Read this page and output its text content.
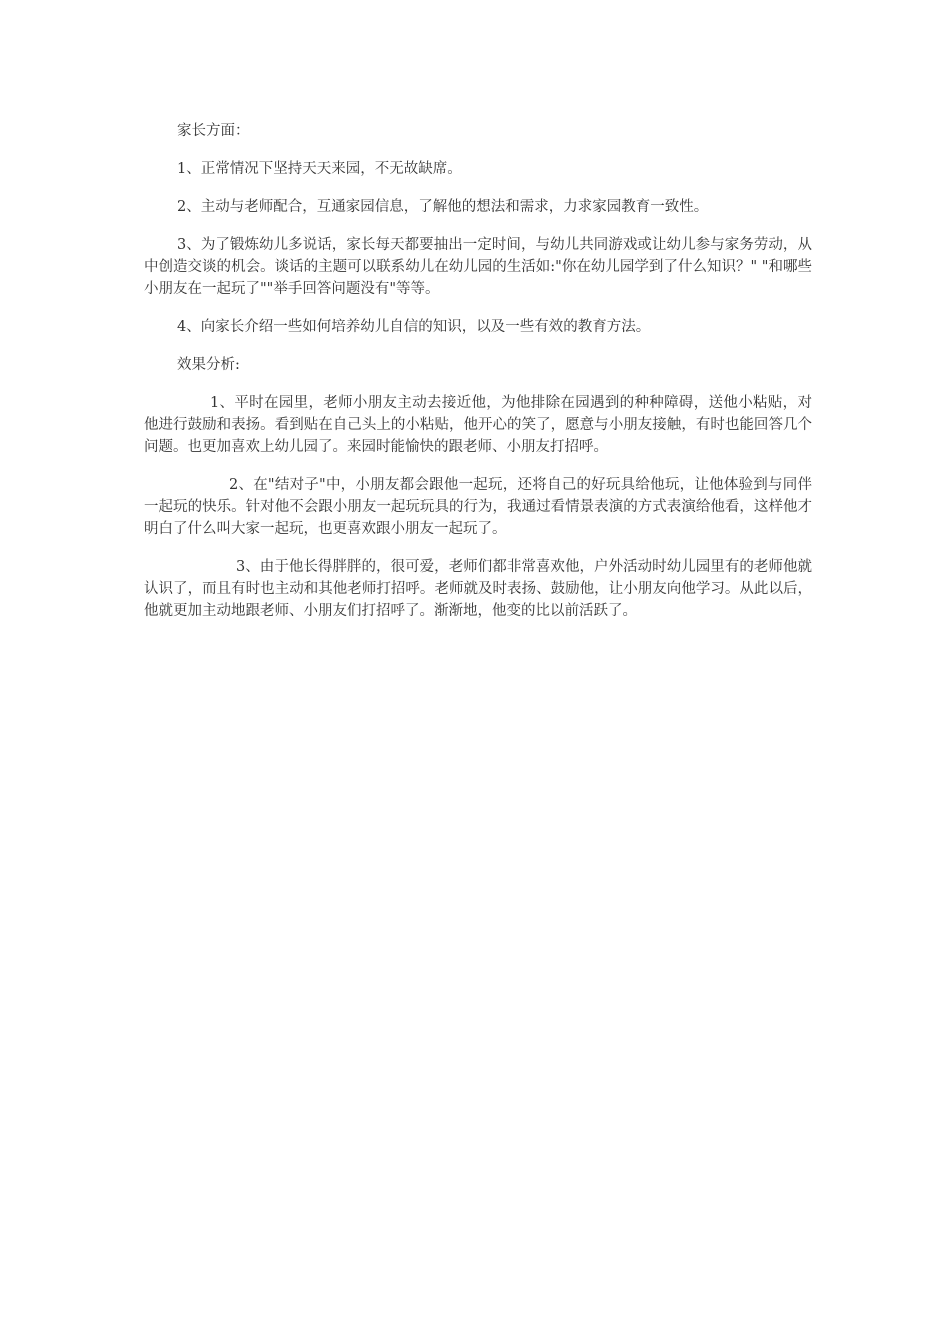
家长方面：

1、正常情况下坚持天天来园，不无故缺席。

2、主动与老师配合，互通家园信息，了解他的想法和需求，力求家园教育一致性。

3、为了锻炼幼儿多说话，家长每天都要抽出一定时间，与幼儿共同游戏或让幼儿参与家务劳动，从中创造交谈的机会。谈话的主题可以联系幼儿在幼儿园的生活如:"你在幼儿园学到了什么知识？" "和哪些小朋友在一起玩了""举手回答问题没有"等等。

4、向家长介绍一些如何培养幼儿自信的知识，以及一些有效的教育方法。

效果分析:

1、平时在园里，老师小朋友主动去接近他，为他排除在园遇到的种种障碍，送他小粘贴，对他进行鼓励和表扬。看到贴在自己头上的小粘贴，他开心的笑了，愿意与小朋友接触，有时也能回答几个问题。也更加喜欢上幼儿园了。来园时能愉快的跟老师、小朋友打招呼。

2、在"结对子"中，小朋友都会跟他一起玩，还将自己的好玩具给他玩，让他体验到与同伴一起玩的快乐。针对他不会跟小朋友一起玩玩具的行为，我通过看情景表演的方式表演给他看，这样他才明白了什么叫大家一起玩，也更喜欢跟小朋友一起玩了。

3、由于他长得胖胖的，很可爱，老师们都非常喜欢他，户外活动时幼儿园里有的老师他就认识了，而且有时也主动和其他老师打招呼。老师就及时表扬、鼓励他，让小朋友向他学习。从此以后，他就更加主动地跟老师、小朋友们打招呼了。渐渐地，他变的比以前活跃了。
